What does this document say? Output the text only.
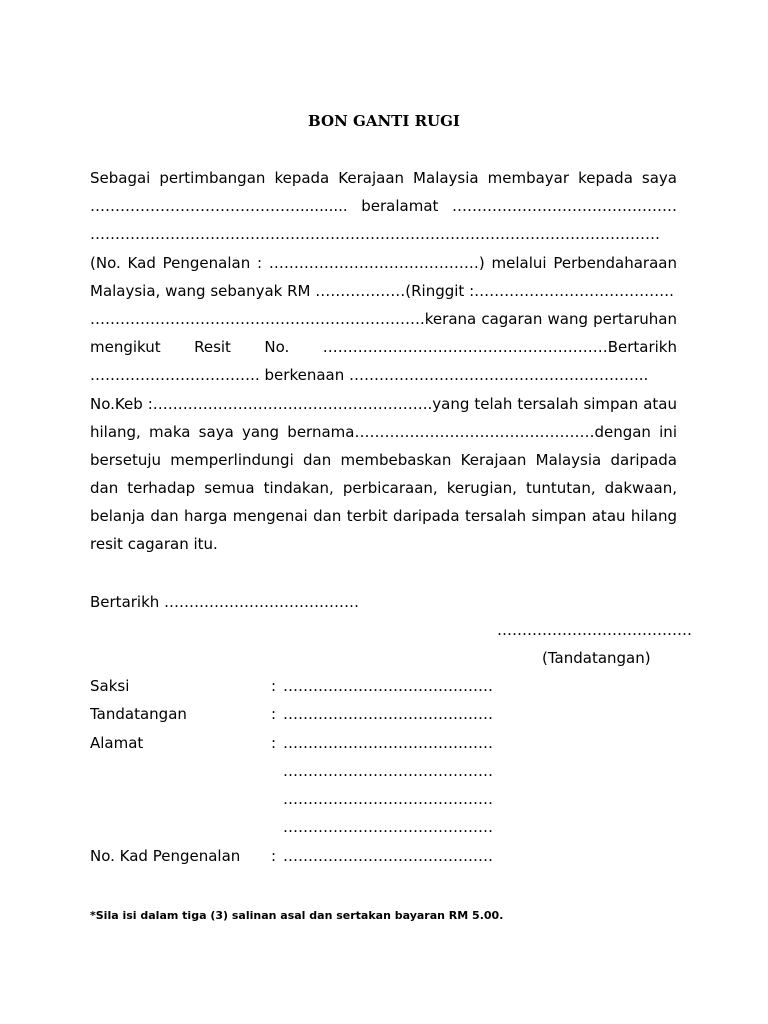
BON GANTI RUGI
Sebagai pertimbangan kepada Kerajaan Malaysia membayar kepada saya
…………………………………….......... beralamat ………………………………………
……………………………………………………………………………………………………
(No. Kad Pengenalan : ……………………………………) melalui Perbendaharaan
Malaysia, wang sebanyak RM ………………(Ringgit :………………………………….
………………………………………………………….kerana cagaran wang pertaruhan
mengikut Resit No. …………………………………………………Bertarikh
……………………………. berkenaan …………………………………………………...
No.Keb :………………………………………………..yang telah tersalah simpan atau
hilang, maka saya yang bernama…………………………………………dengan ini
bersetuju memperlindungi dan membebaskan Kerajaan Malaysia daripada
dan terhadap semua tindakan, perbicaraan, kerugian, tuntutan, dakwaan,
belanja dan harga mengenai dan terbit daripada tersalah simpan atau hilang
resit cagaran itu.
Bertarikh …………………………………
…………………………………
(Tandatangan)
Saksi	: ……………………………………
Tandatangan	: ……………………………………
Alamat	: ……………………………………
……………………………………
……………………………………
……………………………………
No. Kad Pengenalan : ……………………………………
*Sila isi dalam tiga (3) salinan asal dan sertakan bayaran RM 5.00.
